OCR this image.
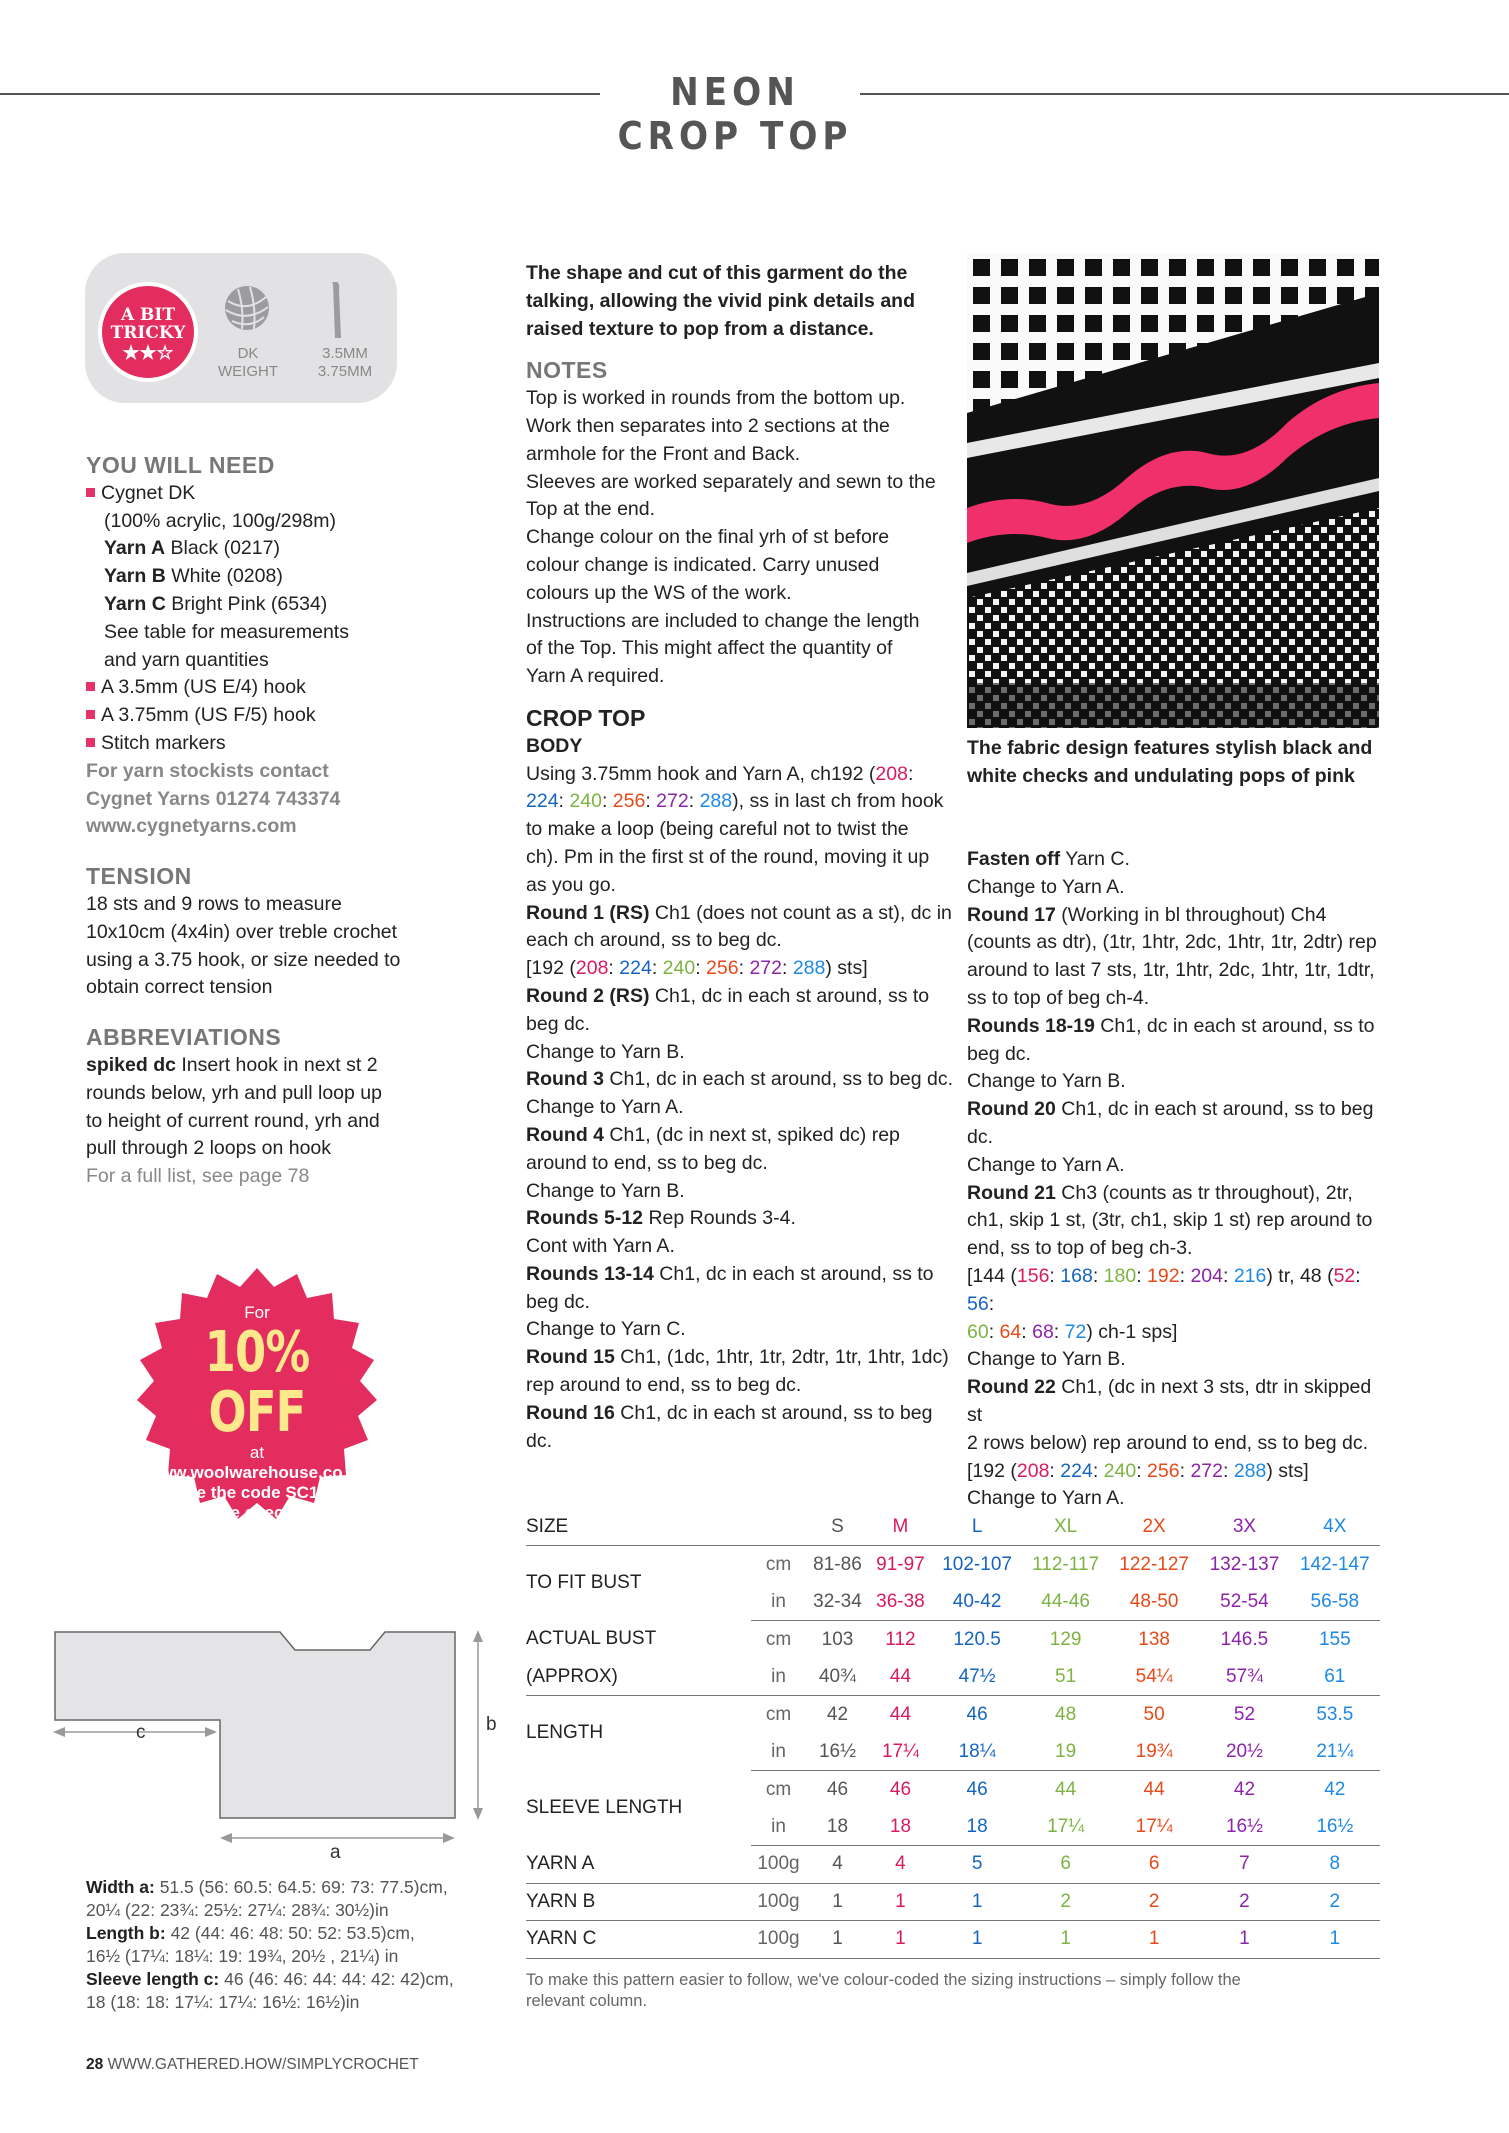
NEON CROP TOP
A BIT
TRICKY
★★☆	DK
WEIGHT
3.5MM
3.75MM
YOU WILL NEED
Cygnet DK
(100% acrylic, 100g/298m)
Yarn A Black (0217)
Yarn B White (0208)
Yarn C Bright Pink (6534)
See table for measurements
and yarn quantities
A 3.5mm (US E/4) hook
A 3.75mm (US F/5) hook
Stitch markers
For yarn stockists contact
Cygnet Yarns 01274 743374
www.cygnetyarns.com
TENSION
18 sts and 9 rows to measure
10x10cm (4x4in) over treble crochet
using a 3.75 hook, or size needed to
obtain correct tension
ABBREVIATIONS
spiked dc Insert hook in next st 2
rounds below, yrh and pull loop up
to height of current round, yrh and
pull through 2 loops on hook
For a full list, see page 78
For
10% OFF
at
www.woolwarehouse.co.uk
use the code SC170
at the checkout
Discount code not valid on certain products such as yarn packs,
sale items, Loopi and FRC Collection products
The shape and cut of this garment do the
talking, allowing the vivid pink details and
raised texture to pop from a distance.
NOTES
Top is worked in rounds from the bottom up.
Work then separates into 2 sections at the
armhole for the Front and Back.
Sleeves are worked separately and sewn to the
Top at the end.
Change colour on the final yrh of st before
colour change is indicated. Carry unused
colours up the WS of the work.
Instructions are included to change the length
of the Top. This might affect the quantity of
Yarn A required.
CROP TOP
BODY
Using 3.75mm hook and Yarn A, ch192 (208:
224: 240: 256: 272: 288), ss in last ch from hook
to make a loop (being careful not to twist the
ch). Pm in the first st of the round, moving it up
as you go.
Round 1 (RS) Ch1 (does not count as a st), dc in
each ch around, ss to beg dc.
[192 (208: 224: 240: 256: 272: 288) sts]
Round 2 (RS) Ch1, dc in each st around, ss to
beg dc.
Change to Yarn B.
Round 3 Ch1, dc in each st around, ss to beg dc.
Change to Yarn A.
Round 4 Ch1, (dc in next st, spiked dc) rep
around to end, ss to beg dc.
Change to Yarn B.
Rounds 5-12 Rep Rounds 3-4.
Cont with Yarn A.
Rounds 13-14 Ch1, dc in each st around, ss to
beg dc.
Change to Yarn C.
Round 15 Ch1, (1dc, 1htr, 1tr, 2dtr, 1tr, 1htr, 1dc)
rep around to end, ss to beg dc.
Round 16 Ch1, dc in each st around, ss to beg dc.
The fabric design features stylish black and
white checks and undulating pops of pink
Fasten off Yarn C.
Change to Yarn A.
Round 17 (Working in bl throughout) Ch4
(counts as dtr), (1tr, 1htr, 2dc, 1htr, 1tr, 2dtr) rep
around to last 7 sts, 1tr, 1htr, 2dc, 1htr, 1tr, 1dtr,
ss to top of beg ch-4.
Rounds 18-19 Ch1, dc in each st around, ss to
beg dc.
Change to Yarn B.
Round 20 Ch1, dc in each st around, ss to beg
dc.
Change to Yarn A.
Round 21 Ch3 (counts as tr throughout), 2tr,
ch1, skip 1 st, (3tr, ch1, skip 1 st) rep around to
end, ss to top of beg ch-3.
[144 (156: 168: 180: 192: 204: 216) tr, 48 (52: 56:
60: 64: 68: 72) ch-1 sps]
Change to Yarn B.
Round 22 Ch1, (dc in next 3 sts, dtr in skipped st
2 rows below) rep around to end, ss to beg dc.
[192 (208: 224: 240: 256: 272: 288) sts]
Change to Yarn A.
SIZE		S	M	L	XL	2X	3X	4X
TO FIT BUST	cm	81-86	91-97	102-107	112-117	122-127	132-137	142-147
	in	32-34	36-38	40-42	44-46	48-50	52-54	56-58
ACTUAL BUST	cm	103	112	120.5	129	138	146.5	155
(APPROX)	in	40¾	44	47½	51	54¼	57¾	61
LENGTH	cm	42	44	46	48	50	52	53.5
	in	16½	17¼	18¼	19	19¾	20½	21¼
SLEEVE LENGTH	cm	46	46	46	44	44	42	42
	in	18	18	18	17¼	17¼	16½	16½
YARN A	100g	4	4	5	6	6	7	8
YARN B	100g	1	1	1	2	2	2	2
YARN C	100g	1	1	1	1	1	1	1
To make this pattern easier to follow, we've colour-coded the sizing instructions – simply follow the
relevant column.
c	b
a
Width a: 51.5 (56: 60.5: 64.5: 69: 73: 77.5)cm,
20¼ (22: 23¾: 25½: 27¼: 28¾: 30½)in
Length b: 42 (44: 46: 48: 50: 52: 53.5)cm,
16½ (17¼: 18¼: 19: 19¾, 20½ , 21¼) in
Sleeve length c: 46 (46: 46: 44: 44: 42: 42)cm,
18 (18: 18: 17¼: 17¼: 16½: 16½)in
28 WWW.GATHERED.HOW/SIMPLYCROCHET
